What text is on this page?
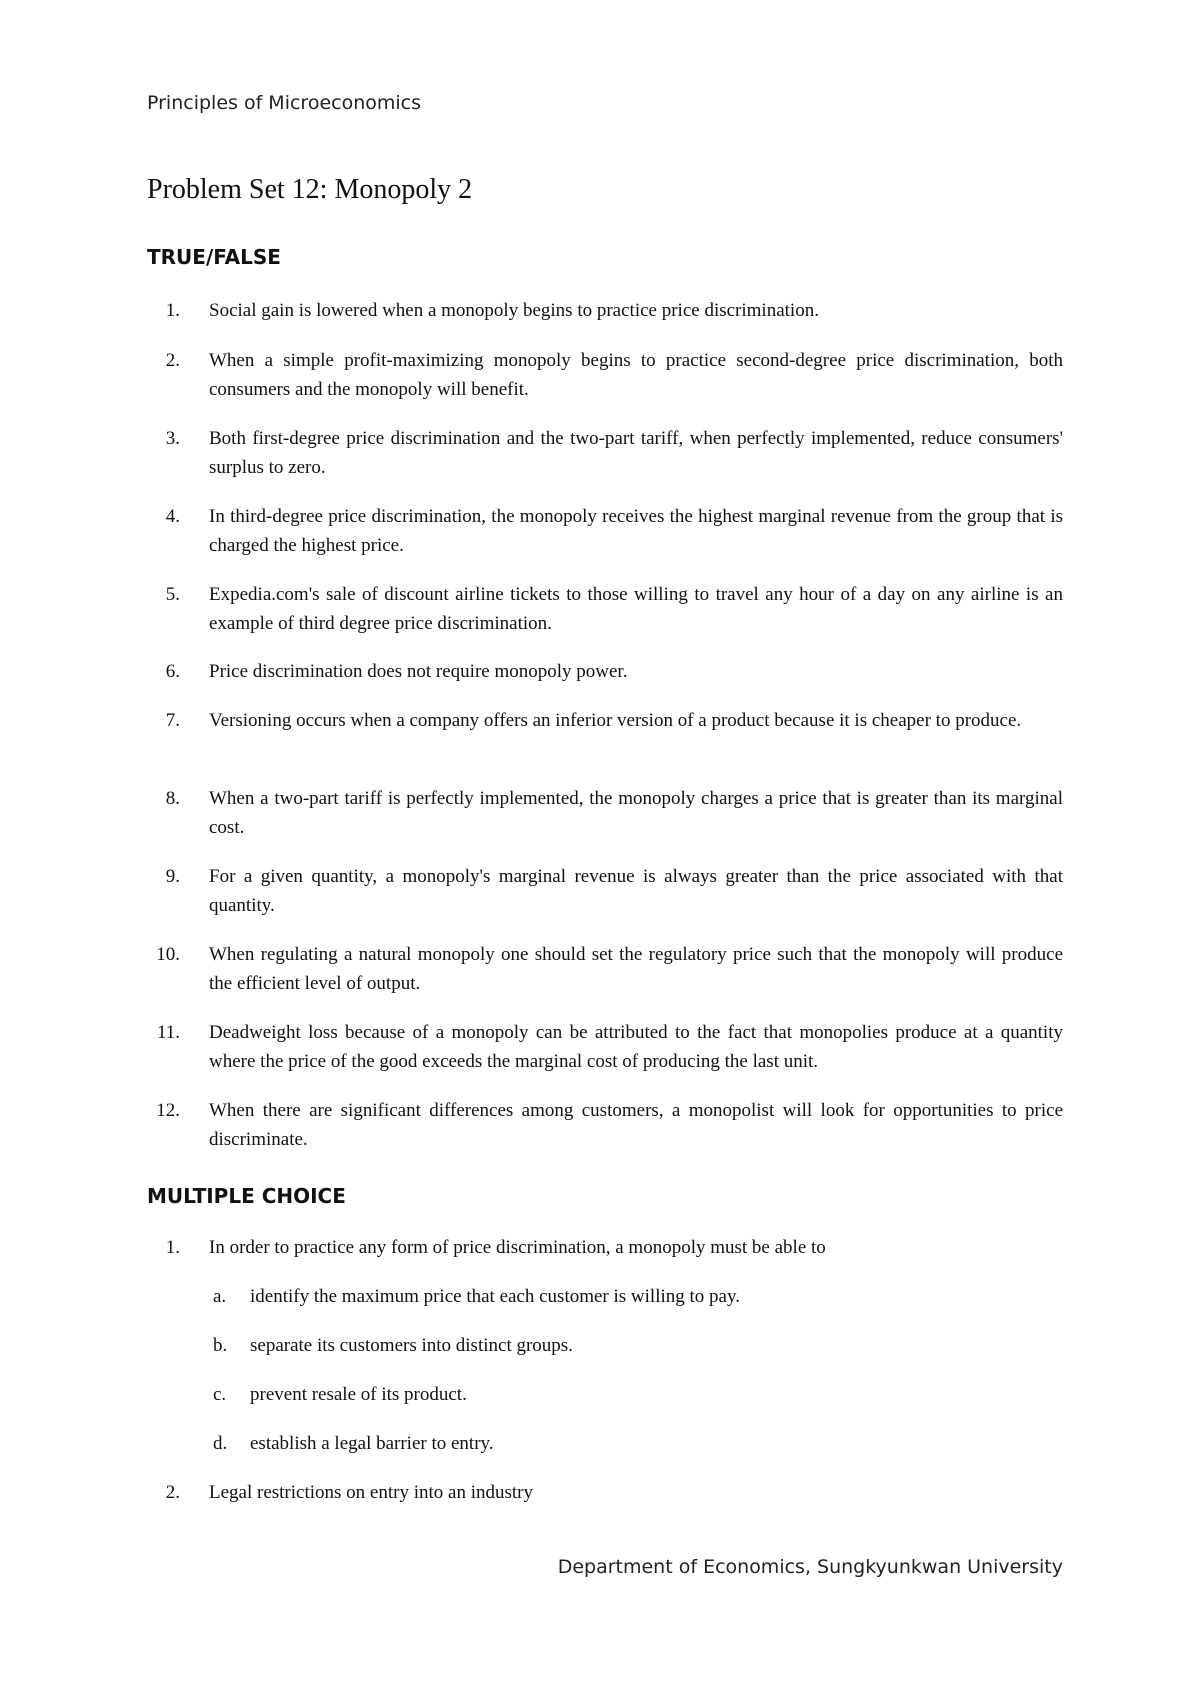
Principles of Microeconomics
Problem Set 12: Monopoly 2
TRUE/FALSE
1. Social gain is lowered when a monopoly begins to practice price discrimination.
2. When a simple profit-maximizing monopoly begins to practice second-degree price discrimination, both consumers and the monopoly will benefit.
3. Both first-degree price discrimination and the two-part tariff, when perfectly implemented, reduce consumers' surplus to zero.
4. In third-degree price discrimination, the monopoly receives the highest marginal revenue from the group that is charged the highest price.
5. Expedia.com's sale of discount airline tickets to those willing to travel any hour of a day on any airline is an example of third degree price discrimination.
6. Price discrimination does not require monopoly power.
7. Versioning occurs when a company offers an inferior version of a product because it is cheaper to produce.
8. When a two-part tariff is perfectly implemented, the monopoly charges a price that is greater than its marginal cost.
9. For a given quantity, a monopoly's marginal revenue is always greater than the price associated with that quantity.
10. When regulating a natural monopoly one should set the regulatory price such that the monopoly will produce the efficient level of output.
11. Deadweight loss because of a monopoly can be attributed to the fact that monopolies produce at a quantity where the price of the good exceeds the marginal cost of producing the last unit.
12. When there are significant differences among customers, a monopolist will look for opportunities to price discriminate.
MULTIPLE CHOICE
1. In order to practice any form of price discrimination, a monopoly must be able to
a.	identify the maximum price that each customer is willing to pay.
b.	separate its customers into distinct groups.
c.	prevent resale of its product.
d.	establish a legal barrier to entry.
2. Legal restrictions on entry into an industry
Department of Economics, Sungkyunkwan University
